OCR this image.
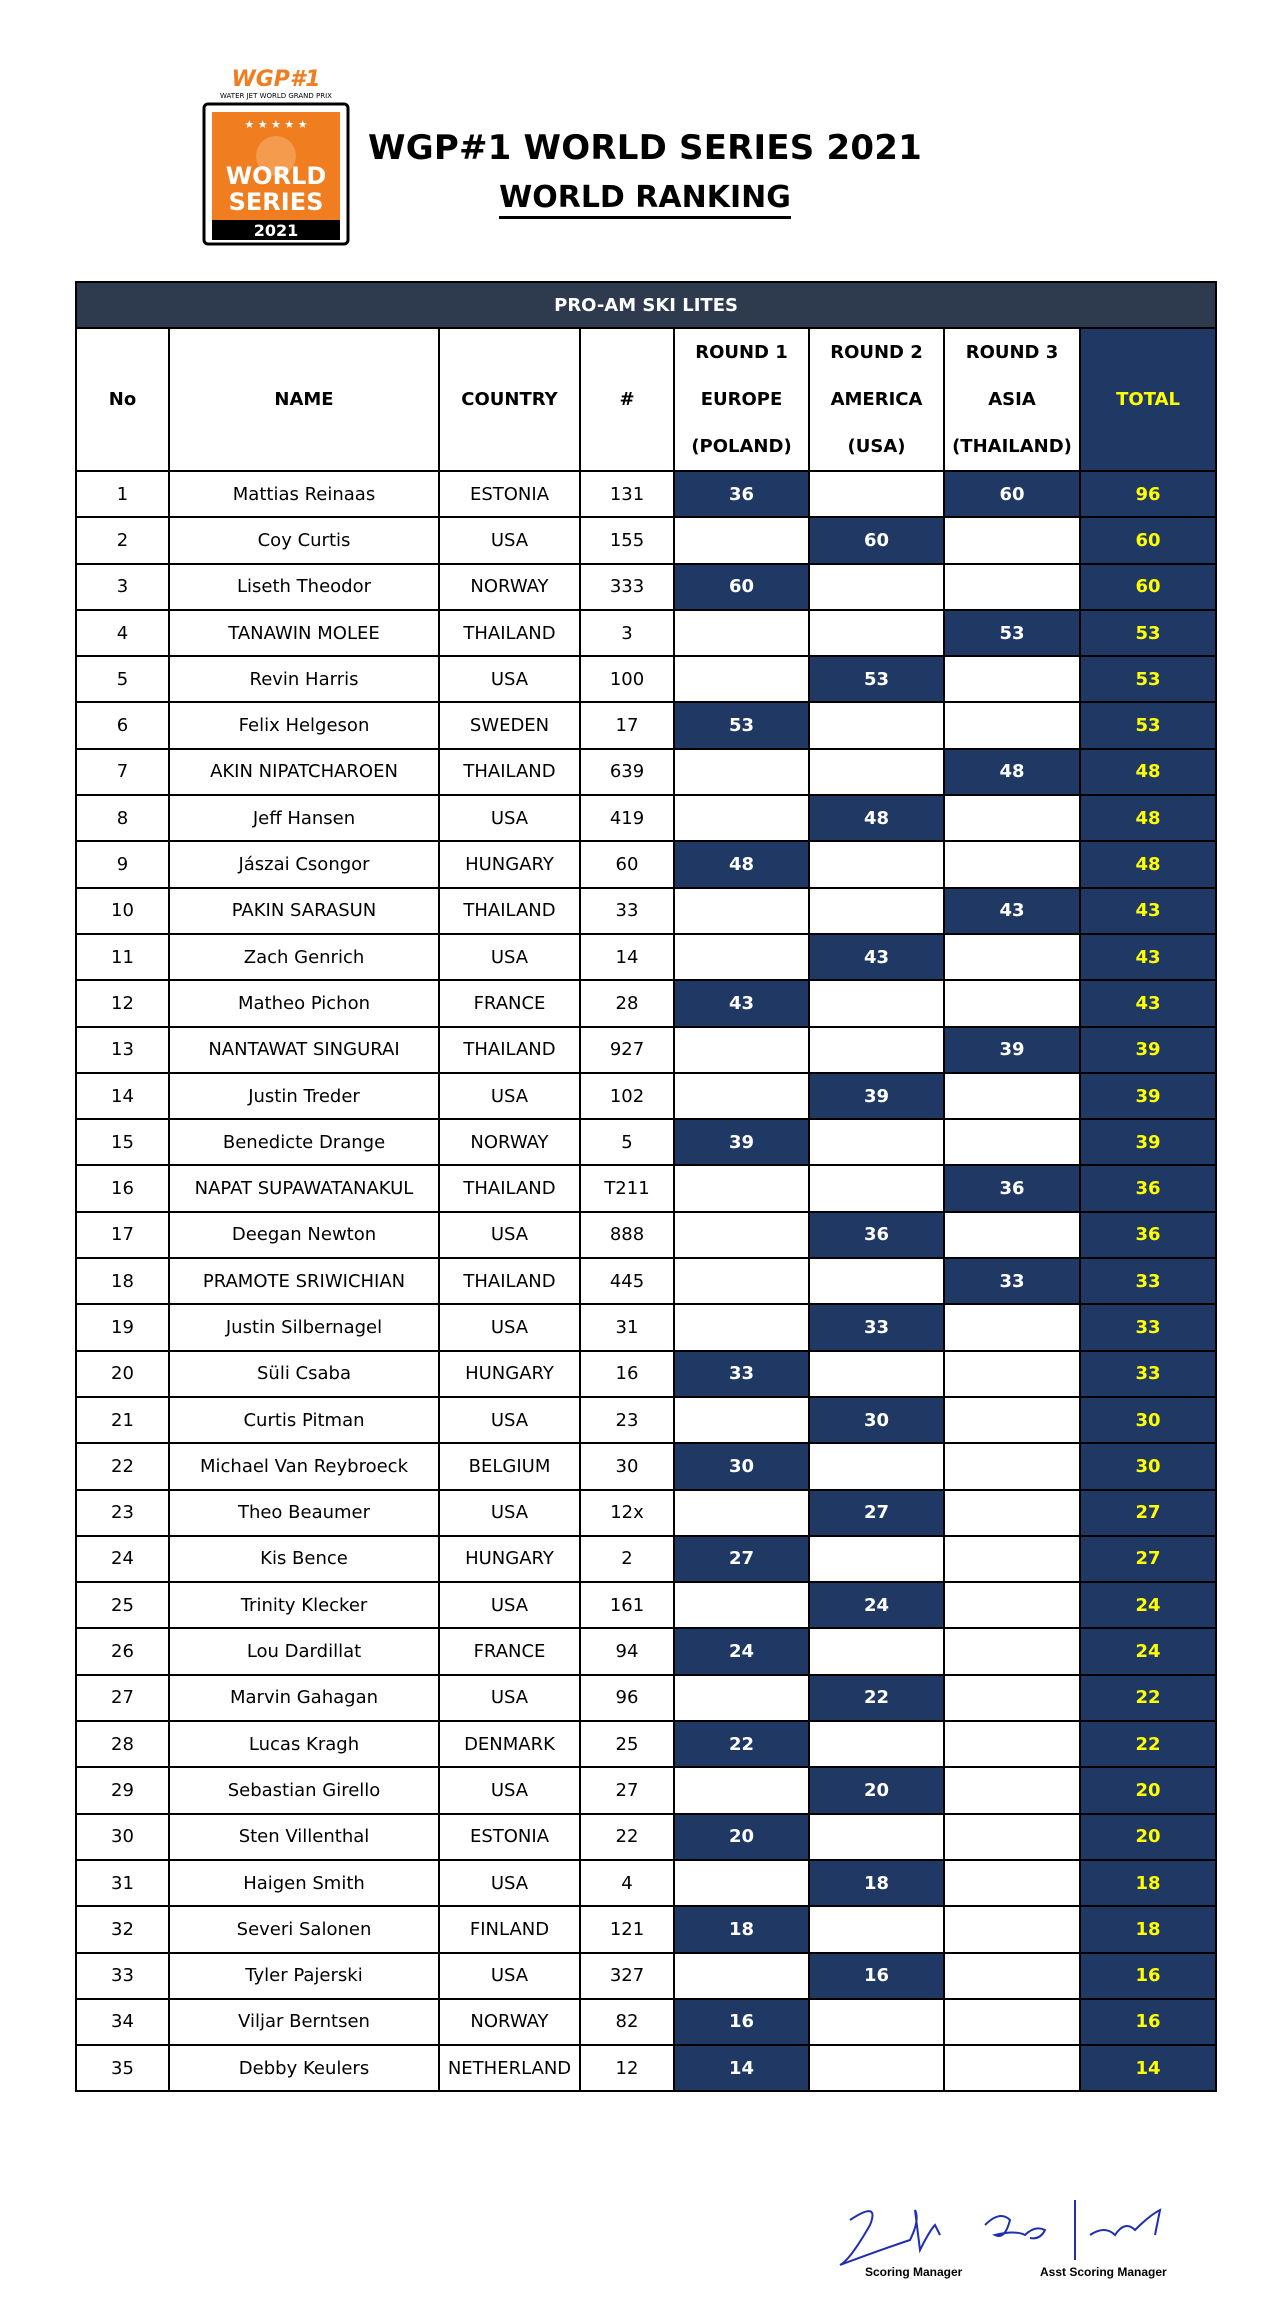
WGP#1
WATER JET WORLD GRAND PRIX
★ ★ ★ ★ ★
WORLD
SERIES
2021
WGP#1 WORLD SERIES 2021
WORLD RANKING
PRO-AM SKI LITES							
No	NAME	COUNTRY	#	ROUND 1
EUROPE
(POLAND)	ROUND 2
AMERICA
(USA)	ROUND 3
ASIA
(THAILAND)	TOTAL
1	Mattias Reinaas	ESTONIA	131	36		60	96
2	Coy Curtis	USA	155		60		60
3	Liseth Theodor	NORWAY	333	60			60
4	TANAWIN MOLEE	THAILAND	3			53	53
5	Revin Harris	USA	100		53		53
6	Felix Helgeson	SWEDEN	17	53			53
7	AKIN NIPATCHAROEN	THAILAND	639			48	48
8	Jeff Hansen	USA	419		48		48
9	Jászai Csongor	HUNGARY	60	48			48
10	PAKIN SARASUN	THAILAND	33			43	43
11	Zach Genrich	USA	14		43		43
12	Matheo Pichon	FRANCE	28	43			43
13	NANTAWAT SINGURAI	THAILAND	927			39	39
14	Justin Treder	USA	102		39		39
15	Benedicte Drange	NORWAY	5	39			39
16	NAPAT SUPAWATANAKUL	THAILAND	T211			36	36
17	Deegan Newton	USA	888		36		36
18	PRAMOTE SRIWICHIAN	THAILAND	445			33	33
19	Justin Silbernagel	USA	31		33		33
20	Süli Csaba	HUNGARY	16	33			33
21	Curtis Pitman	USA	23		30		30
22	Michael Van Reybroeck	BELGIUM	30	30			30
23	Theo Beaumer	USA	12x		27		27
24	Kis Bence	HUNGARY	2	27			27
25	Trinity Klecker	USA	161		24		24
26	Lou Dardillat	FRANCE	94	24			24
27	Marvin Gahagan	USA	96		22		22
28	Lucas Kragh	DENMARK	25	22			22
29	Sebastian Girello	USA	27		20		20
30	Sten Villenthal	ESTONIA	22	20			20
31	Haigen Smith	USA	4		18		18
32	Severi Salonen	FINLAND	121	18			18
33	Tyler Pajerski	USA	327		16		16
34	Viljar Berntsen	NORWAY	82	16			16
35	Debby Keulers	NETHERLAND	12	14			14
Scoring Manager	Asst Scoring Manager
